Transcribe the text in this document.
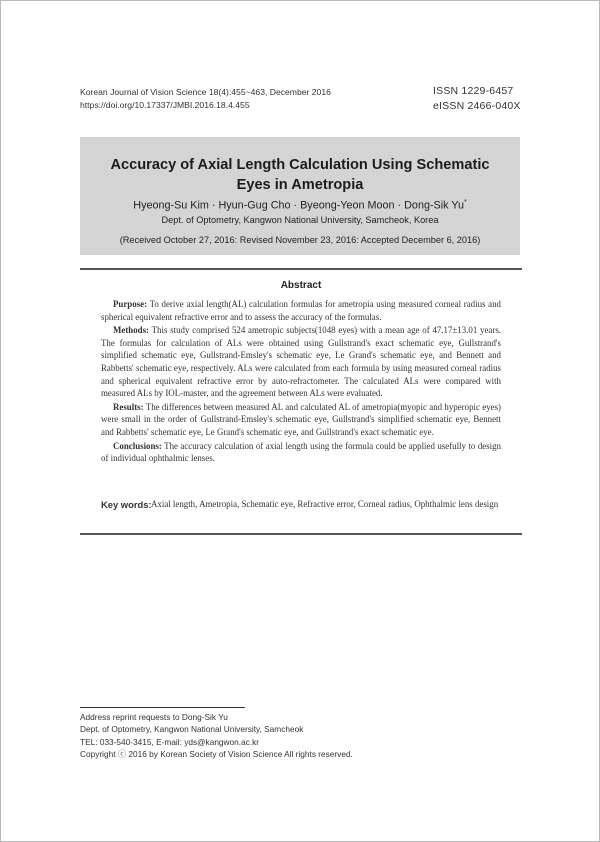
Korean Journal of Vision Science 18(4):455~463, December 2016
https://doi.org/10.17337/JMBI.2016.18.4.455
ISSN 1229-6457
eISSN 2466-040X
Accuracy of Axial Length Calculation Using Schematic
Eyes in Ametropia
Hyeong-Su Kim · Hyun-Gug Cho · Byeong-Yeon Moon · Dong-Sik Yu*
Dept. of Optometry, Kangwon National University, Samcheok, Korea
(Received October 27, 2016: Revised November 23, 2016: Accepted December 6, 2016)
Abstract

Purpose: To derive axial length(AL) calculation formulas for ametropia using measured corneal radius and spherical equivalent refractive error and to assess the accuracy of the formulas.

Methods: This study comprised 524 ametropic subjects(1048 eyes) with a mean age of 47.17±13.01 years. The formulas for calculation of ALs were obtained using Gullstrand's exact schematic eye, Gullstrand's simplified schematic eye, Gullstrand-Emsley's schematic eye, Le Grand's schematic eye, and Bennett and Rabbetts' schematic eye, respectively. ALs were calculated from each formula by using measured corneal radius and spherical equivalent refractive error by auto-refractometer. The calculated ALs were compared with measured ALs by IOL-master, and the agreement between ALs were evaluated.

Results: The differences between measured AL and calculated AL of ametropia(myopic and hyperopic eyes) were small in the order of Gullstrand-Emsley's schematic eye, Gullstrand's simplified schematic eye, Bennett and Rabbetts' schematic eye, Le Grand's schematic eye, and Gullstrand's exact schematic eye.

Conclusions: The accuracy calculation of axial length using the formula could be applied usefully to design of individual ophthalmic lenses.

Key words: Axial length, Ametropia, Schematic eye, Refractive error, Corneal radius, Ophthalmic lens design
Address reprint requests to Dong-Sik Yu
Dept. of Optometry, Kangwon National University, Samcheok
TEL: 033-540-3415, E-mail: yds@kangwon.ac.kr
Copyright ⓒ 2016 by Korean Society of Vision Science All rights reserved.
